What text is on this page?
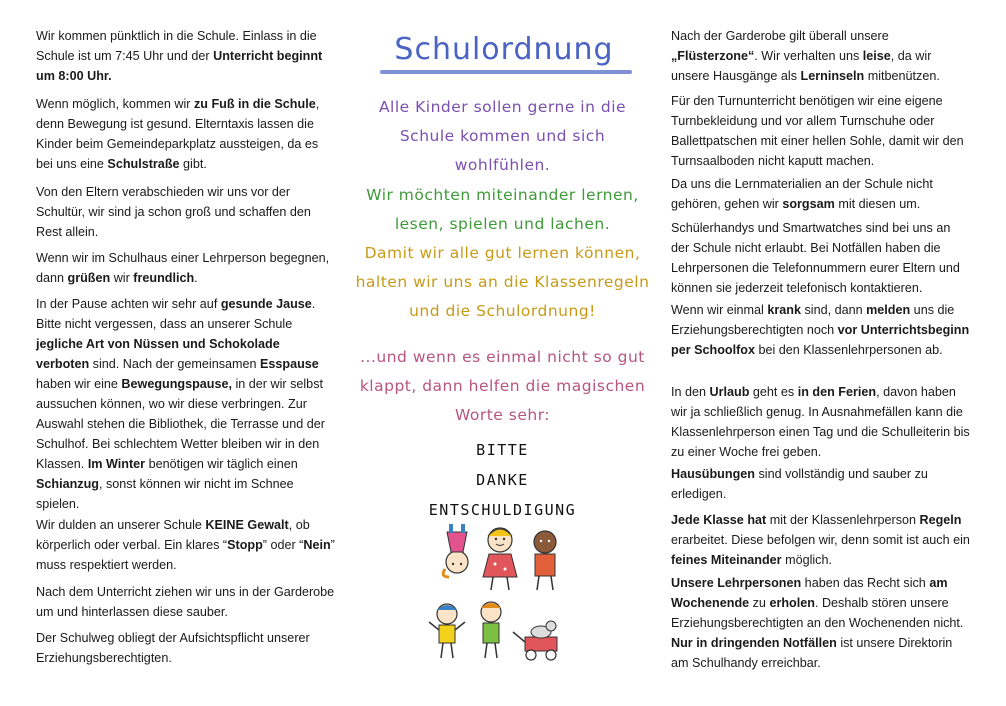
Wir kommen pünktlich in die Schule. Einlass in die Schule ist um 7:45 Uhr und der Unterricht beginnt um 8:00 Uhr.

Wenn möglich, kommen wir zu Fuß in die Schule, denn Bewegung ist gesund. Elterntaxis lassen die Kinder beim Gemeindeparkplatz aussteigen, da es bei uns eine Schulstraße gibt.

Von den Eltern verabschieden wir uns vor der Schultür, wir sind ja schon groß und schaffen den Rest allein.

Wenn wir im Schulhaus einer Lehrperson begegnen, dann grüßen wir freundlich.

In der Pause achten wir sehr auf gesunde Jause. Bitte nicht vergessen, dass an unserer Schule jegliche Art von Nüssen und Schokolade verboten sind. Nach der gemeinsamen Esspause haben wir eine Bewegungspause, in der wir selbst aussuchen können, wo wir diese verbringen. Zur Auswahl stehen die Bibliothek, die Terrasse und der Schulhof. Bei schlechtem Wetter bleiben wir in den Klassen. Im Winter benötigen wir täglich einen Schianzug, sonst können wir nicht im Schnee spielen.

Wir dulden an unserer Schule KEINE Gewalt, ob körperlich oder verbal. Ein klares “Stopp” oder “Nein” muss respektiert werden.

Nach dem Unterricht ziehen wir uns in der Garderobe um und hinterlassen diese sauber.

Der Schulweg obliegt der Aufsichtspflicht unserer Erziehungsberechtigten.

Schulordnung
Alle Kinder sollen gerne in die
Schule kommen und sich
wohlfühlen.
Wir möchten miteinander lernen,
lesen, spielen und lachen.
Damit wir alle gut lernen können,
halten wir uns an die Klassenregeln
und die Schulordnung!
...und wenn es einmal nicht so gut
klappt, dann helfen die magischen
Worte sehr:
BITTE
DANKE
ENTSCHULDIGUNG

Nach der Garderobe gilt überall unsere „Flüsterzone“. Wir verhalten uns leise, da wir unsere Hausgänge als Lerninseln mitbenützen.

Für den Turnunterricht benötigen wir eine eigene Turnbekleidung und vor allem Turnschuhe oder Ballettpatschen mit einer hellen Sohle, damit wir den Turnsaalboden nicht kaputt machen.

Da uns die Lernmaterialien an der Schule nicht gehören, gehen wir sorgsam mit diesen um.

Schülerhandys und Smartwatches sind bei uns an der Schule nicht erlaubt. Bei Notfällen haben die Lehrpersonen die Telefonnummern eurer Eltern und können sie jederzeit telefonisch kontaktieren.

Wenn wir einmal krank sind, dann melden uns die Erziehungsberechtigten noch vor Unterrichtsbeginn per Schoolfox bei den Klassenlehrpersonen ab.

In den Urlaub geht es in den Ferien, davon haben wir ja schließlich genug. In Ausnahmefällen kann die Klassenlehrperson einen Tag und die Schulleiterin bis zu einer Woche frei geben.

Hausübungen sind vollständig und sauber zu erledigen.

Jede Klasse hat mit der Klassenlehrperson Regeln erarbeitet. Diese befolgen wir, denn somit ist auch ein feines Miteinander möglich.

Unsere Lehrpersonen haben das Recht sich am Wochenende zu erholen. Deshalb stören unsere Erziehungsberechtigten an den Wochenenden nicht. Nur in dringenden Notfällen ist unsere Direktorin am Schulhandy erreichbar.
